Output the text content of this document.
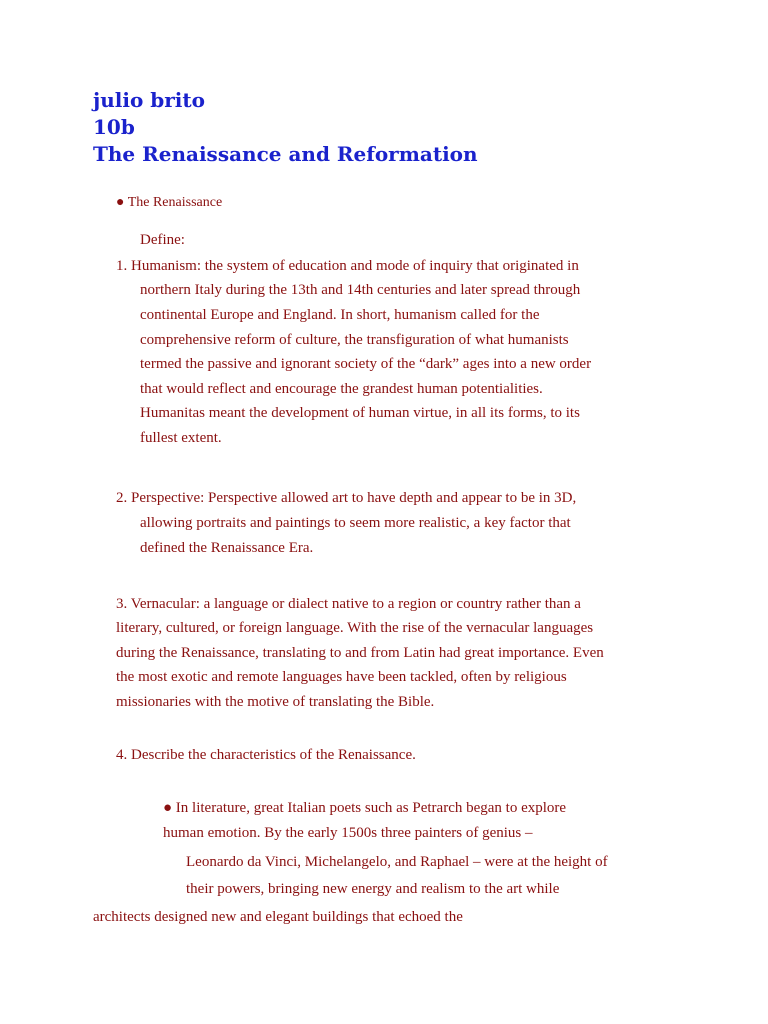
julio brito
10b
The Renaissance and Reformation
● The Renaissance
Define:
1. Humanism: the system of education and mode of inquiry that originated in
northern Italy during the 13th and 14th centuries and later spread through
continental Europe and England. In short, humanism called for the
comprehensive reform of culture, the transfiguration of what humanists
termed the passive and ignorant society of the “dark” ages into a new order
that would reflect and encourage the grandest human potentialities.
Humanitas meant the development of human virtue, in all its forms, to its
fullest extent.
2. Perspective: Perspective allowed art to have depth and appear to be in 3D,
allowing portraits and paintings to seem more realistic, a key factor that
defined the Renaissance Era.
3. Vernacular: a language or dialect native to a region or country rather than a
literary, cultured, or foreign language. With the rise of the vernacular languages
during the Renaissance, translating to and from Latin had great importance. Even
the most exotic and remote languages have been tackled, often by religious
missionaries with the motive of translating the Bible.
4. Describe the characteristics of the Renaissance.
● In literature, great Italian poets such as Petrarch began to explore
human emotion. By the early 1500s three painters of genius –
Leonardo da Vinci, Michelangelo, and Raphael – were at the height of
their powers, bringing new energy and realism to the art while
architects designed new and elegant buildings that echoed the
